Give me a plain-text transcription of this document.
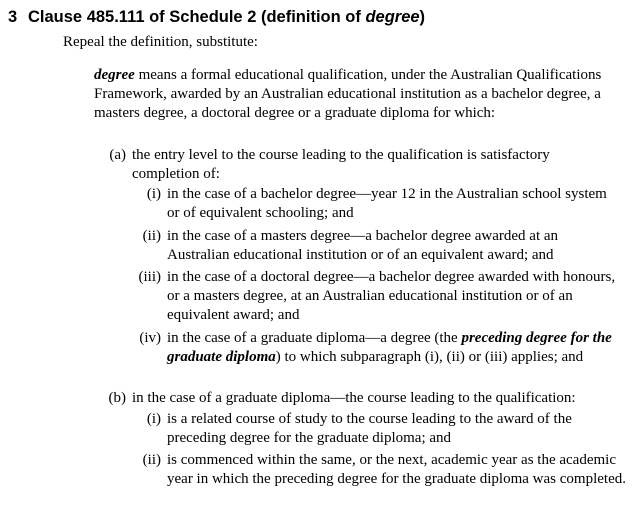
3 Clause 485.111 of Schedule 2 (definition of degree)
Repeal the definition, substitute:

degree means a formal educational qualification, under the Australian Qualifications Framework, awarded by an Australian educational institution as a bachelor degree, a masters degree, a doctoral degree or a graduate diploma for which:

(a) the entry level to the course leading to the qualification is satisfactory completion of:
(i) in the case of a bachelor degree—year 12 in the Australian school system or of equivalent schooling; and
(ii) in the case of a masters degree—a bachelor degree awarded at an Australian educational institution or of an equivalent award; and
(iii) in the case of a doctoral degree—a bachelor degree awarded with honours, or a masters degree, at an Australian educational institution or of an equivalent award; and
(iv) in the case of a graduate diploma—a degree (the preceding degree for the graduate diploma) to which subparagraph (i), (ii) or (iii) applies; and
(b) in the case of a graduate diploma—the course leading to the qualification:
(i) is a related course of study to the course leading to the award of the preceding degree for the graduate diploma; and
(ii) is commenced within the same, or the next, academic year as the academic year in which the preceding degree for the graduate diploma was completed.
